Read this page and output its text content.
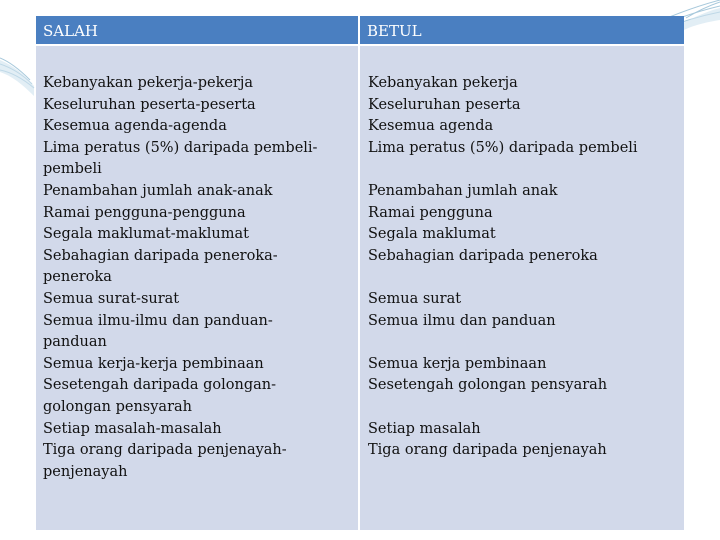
SALAH	BETUL
Kebanyakan pekerja-pekerja
Keseluruhan peserta-peserta
Kesemua agenda-agenda
Lima peratus (5%) daripada pembeli-
pembeli
Penambahan jumlah anak-anak
Ramai pengguna-pengguna
Segala maklumat-maklumat
Sebahagian daripada peneroka-
peneroka
Semua surat-surat
Semua ilmu-ilmu dan panduan-
panduan
Semua kerja-kerja pembinaan
Sesetengah daripada golongan-
golongan pensyarah
Setiap masalah-masalah
Tiga orang daripada penjenayah-
penjenayah
Kebanyakan pekerja
Keseluruhan peserta
Kesemua agenda
Lima peratus (5%) daripada pembeli
Penambahan jumlah anak
Ramai pengguna
Segala maklumat
Sebahagian daripada peneroka
Semua surat
Semua ilmu dan panduan
Semua kerja pembinaan
Sesetengah golongan pensyarah
Setiap masalah
Tiga orang daripada penjenayah
